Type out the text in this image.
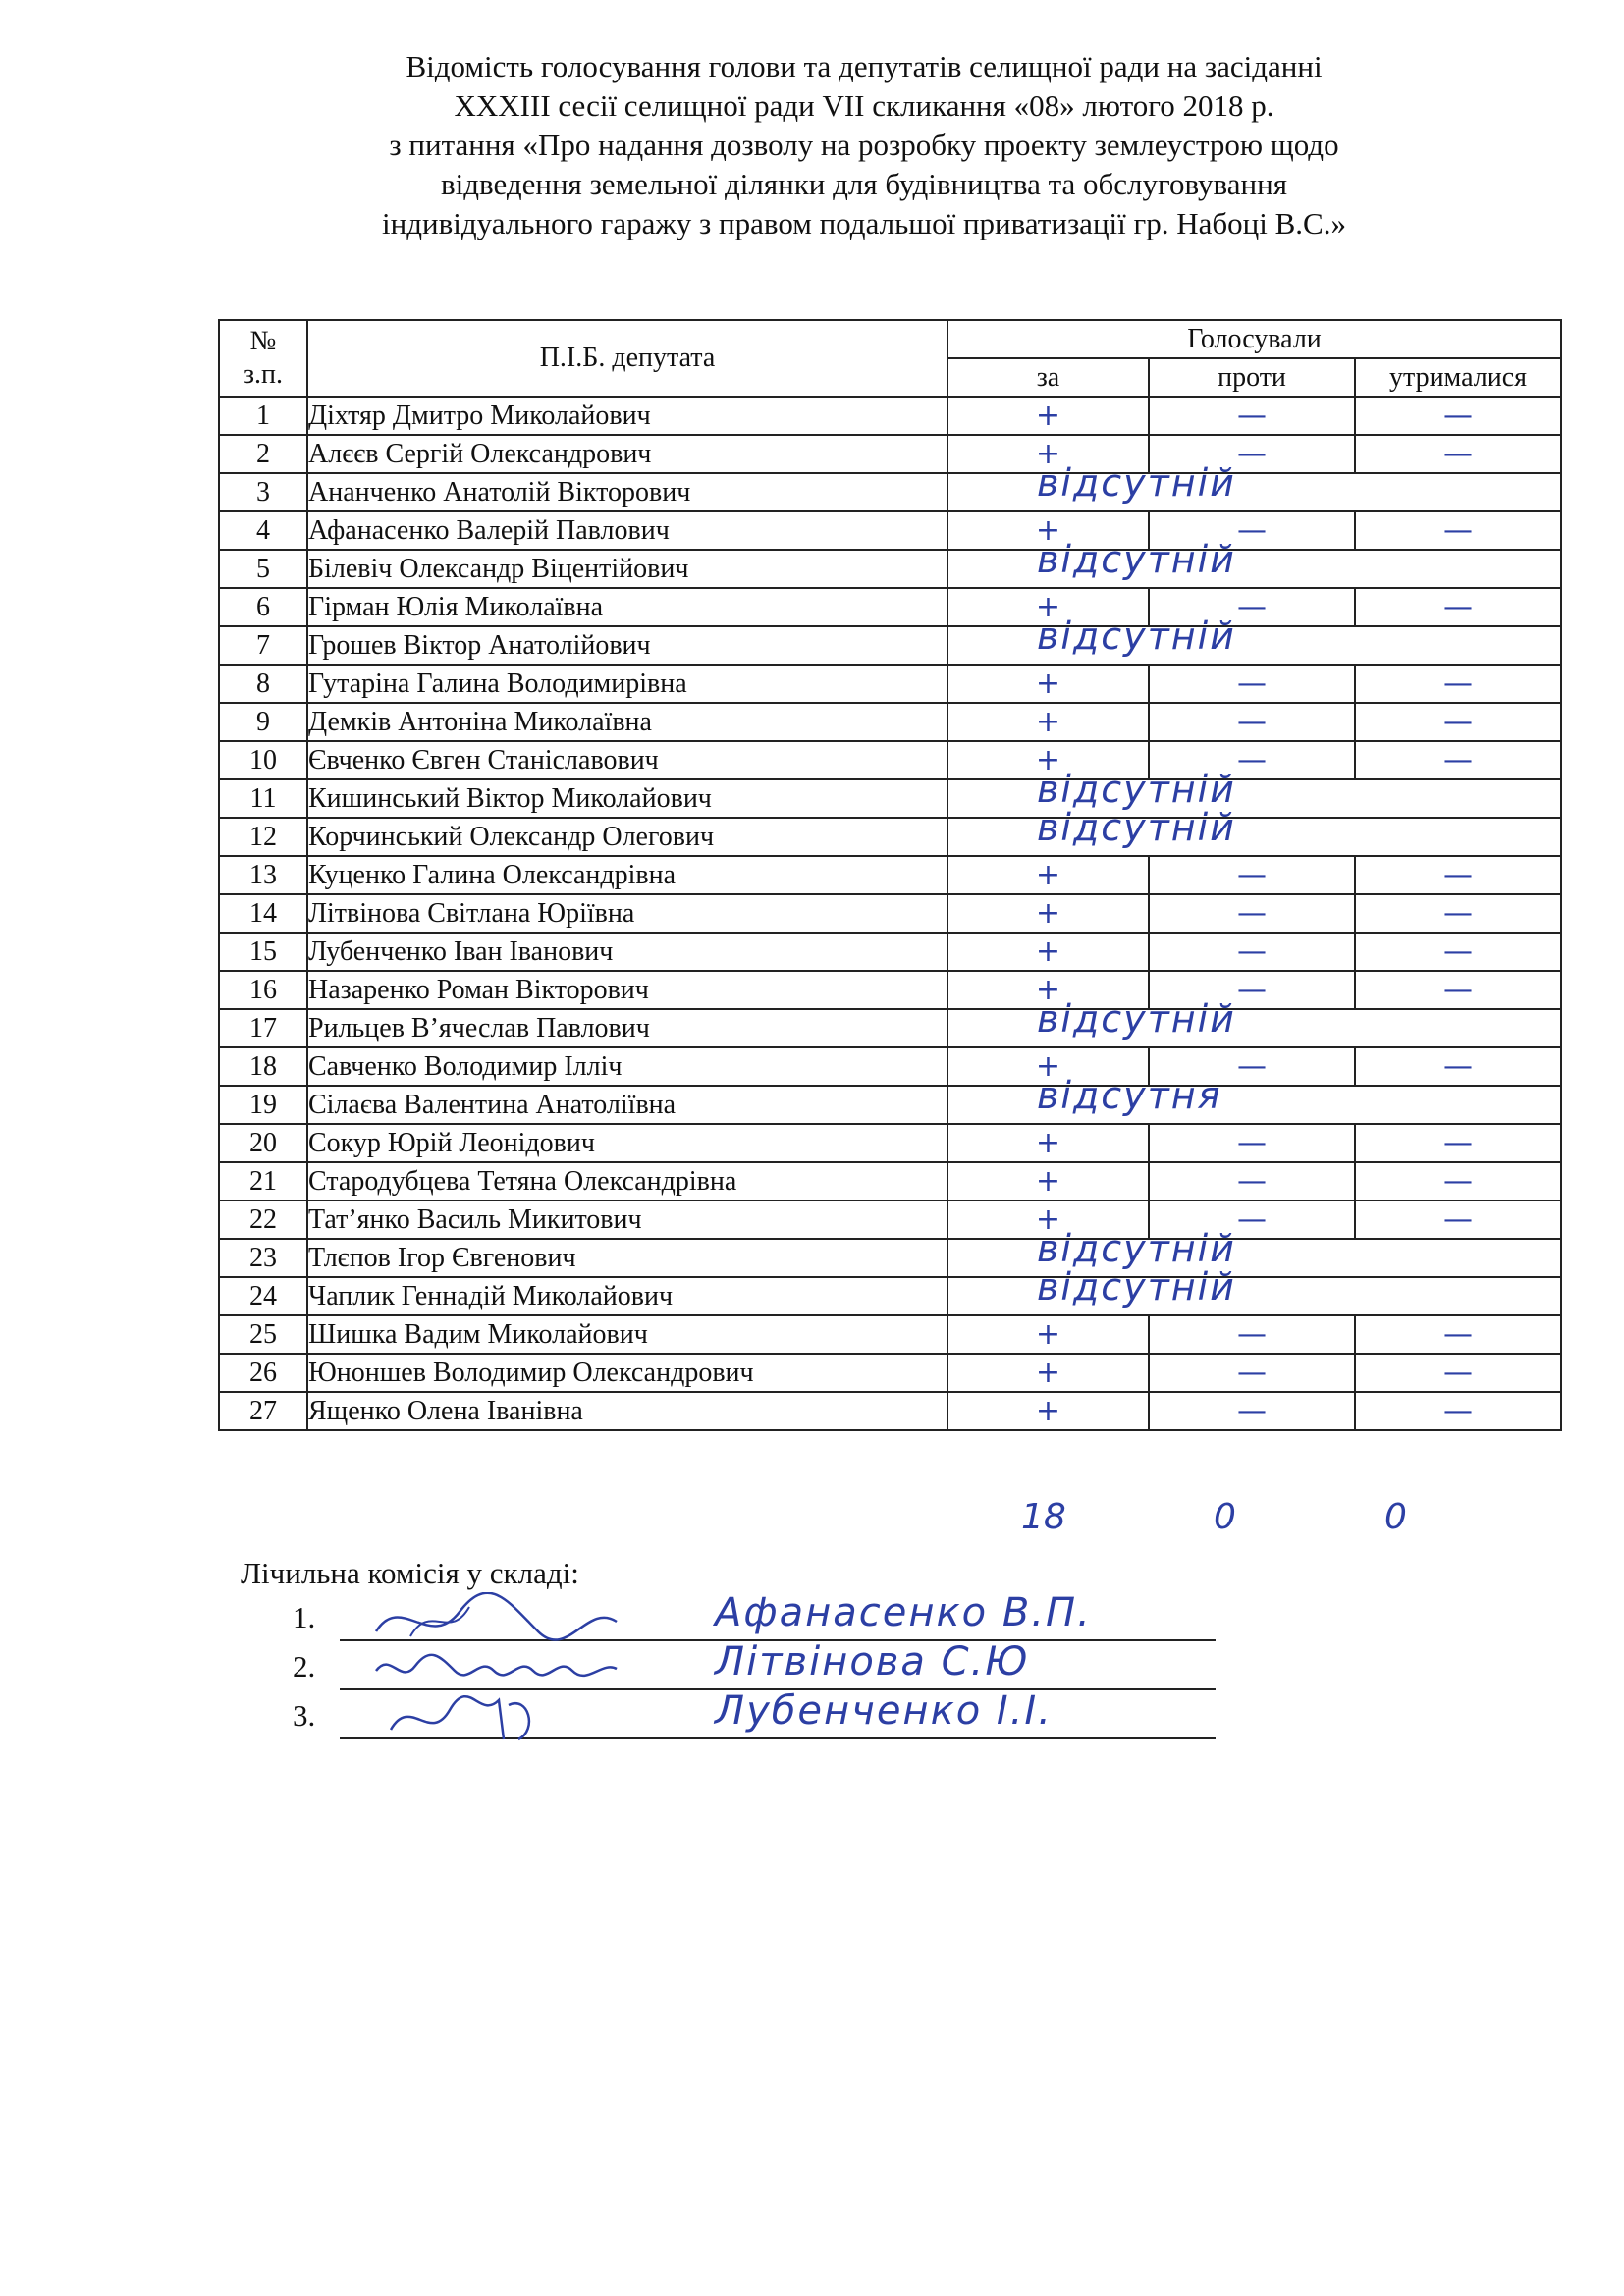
Відомість голосування голови та депутатів селищної ради на засіданні
XXXIII сесії селищної ради VII скликання «08» лютого 2018 р.
з питання «Про надання дозволу на розробку проекту землеустрою щодо
відведення земельної ділянки для будівництва та обслуговування
індивідуального гаражу з правом подальшої приватизації гр. Набоці В.С.»
№
з.п.	П.І.Б. депутата	Голосували		
		за	проти	утрималися
1	Діхтяр Дмитро Миколайович	+	—	—
2	Алєєв Сергій Олександрович	+	—	—
3	Ананченко Анатолій Вікторович	відсутній		

4	Афанасенко Валерій Павлович	+	—	—
5	Білевіч Олександр Віцентійович	відсутній		

6	Гірман Юлія Миколаївна	+	—	—
7	Грошев Віктор Анатолійович	відсутній		

8	Гутаріна Галина Володимирівна	+	—	—
9	Демків Антоніна Миколаївна	+	—	—
10	Євченко Євген Станіславович	+	—	—
11	Кишинський Віктор Миколайович	відсутній		

12	Корчинський Олександр Олегович	відсутній		

13	Куценко Галина Олександрівна	+	—	—
14	Літвінова Світлана Юріївна	+	—	—
15	Лубенченко Іван Іванович	+	—	—
16	Назаренко Роман Вікторович	+	—	—
17	Рильцев В’ячеслав Павлович	відсутній		

18	Савченко Володимир Ілліч	+	—	—
19	Сілаєва Валентина Анатоліївна	відсутня		

20	Сокур Юрій Леонідович	+	—	—
21	Стародубцева Тетяна Олександрівна	+	—	—
22	Тат’янко Василь Микитович	+	—	—
23	Тлєпов Ігор Євгенович	відсутній		

24	Чаплик Геннадій Миколайович	відсутній		

25	Шишка Вадим Миколайович	+	—	—
26	Юноншев Володимир Олександрович	+	—	—
27	Ященко Олена Іванівна	+	—	—
18	0	0
Лічильна комісія у складі:
1.	Афанасенко В.П.
2.	Літвінова С.Ю
3.	Лубенченко І.І.
